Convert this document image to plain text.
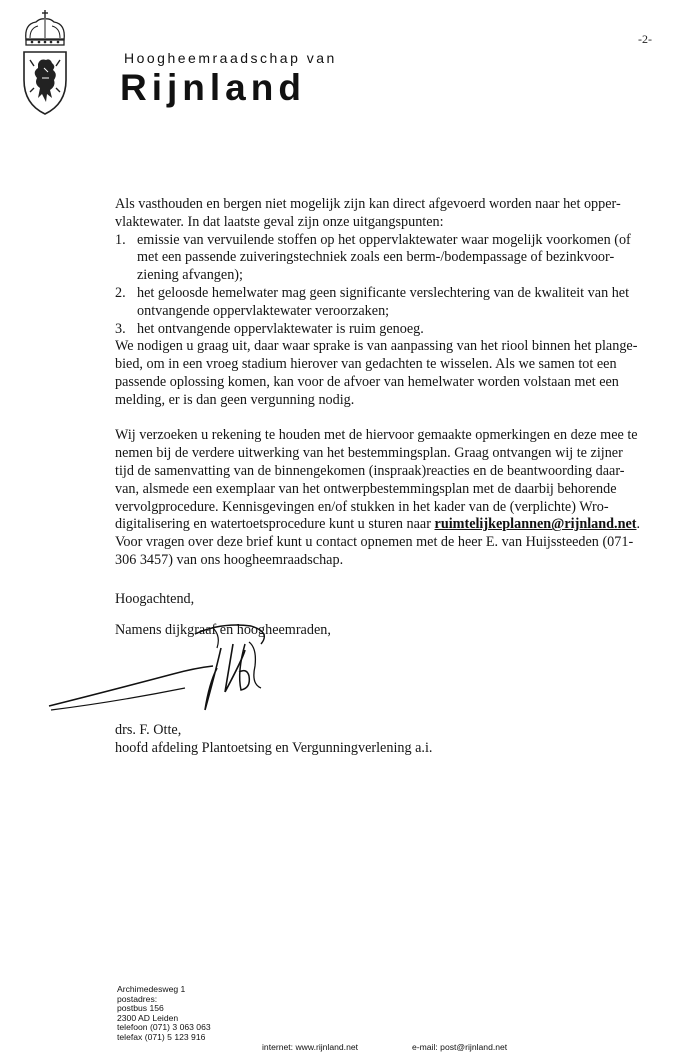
Hoogheemraadschap van
Rijnland
-2-

Als vasthouden en bergen niet mogelijk zijn kan direct afgevoerd worden naar het opper-
vlaktewater. In dat laatste geval zijn onze uitgangspunten:

1. emissie van vervuilende stoffen op het oppervlaktewater waar mogelijk voorkomen (of
met een passende zuiveringstechniek zoals een berm-/bodempassage of bezinkvoor-
ziening afvangen);
2. het geloosde hemelwater mag geen significante verslechtering van de kwaliteit van het
ontvangende oppervlaktewater veroorzaken;
3. het ontvangende oppervlaktewater is ruim genoeg.

We nodigen u graag uit, daar waar sprake is van aanpassing van het riool binnen het plange-
bied, om in een vroeg stadium hierover van gedachten te wisselen. Als we samen tot een
passende oplossing komen, kan voor de afvoer van hemelwater worden volstaan met een
melding, er is dan geen vergunning nodig.

Wij verzoeken u rekening te houden met de hiervoor gemaakte opmerkingen en deze mee te
nemen bij de verdere uitwerking van het bestemmingsplan. Graag ontvangen wij te zijner
tijd de samenvatting van de binnengekomen (inspraak)reacties en de beantwoording daar-
van, alsmede een exemplaar van het ontwerpbestemmingsplan met de daarbij behorende
vervolgprocedure. Kennisgevingen en/of stukken in het kader van de (verplichte) Wro-
digitalisering en watertoetsprocedure kunt u sturen naar ruimtelijkeplannen@rijnland.net.
Voor vragen over deze brief kunt u contact opnemen met de heer E. van Huijssteeden (071-
306 3457) van ons hoogheemraadschap.

Hoogachtend,
Namens dijkgraaf en hoogheemraden,
drs. F. Otte,
hoofd afdeling Plantoetsing en Vergunningverlening a.i.
Archimedesweg 1
postadres:
postbus 156
2300 AD Leiden
telefoon (071) 3 063 063
telefax (071) 5 123 916
internet: www.rijnland.net	e-mail: post@rijnland.net
